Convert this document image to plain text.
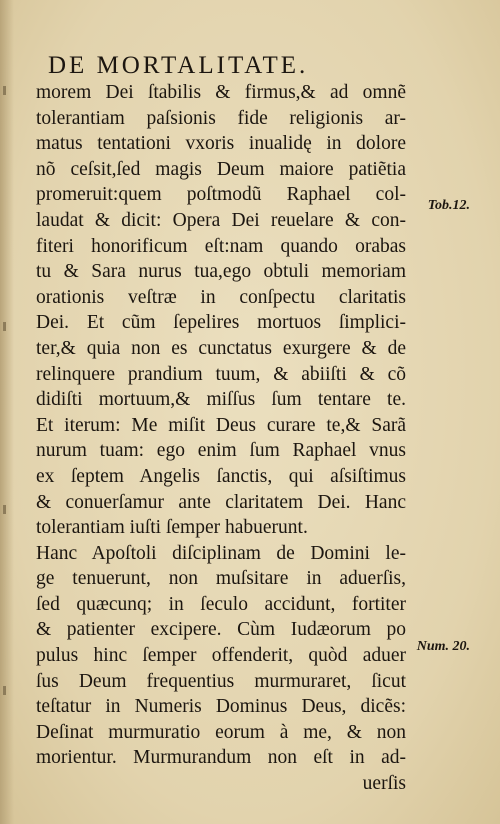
DE MORTALITATE.
morem Dei ſtabilis & firmus,& ad omnẽ
tolerantiam paſsionis fide religionis ar-
matus tentationi vxoris inualidę in dolore
nõ ceſsit,ſed magis Deum maiore patiẽtia
promeruit:quem poſtmodũ Raphael col-
laudat & dicit: Opera Dei reuelare & con-
fiteri honorificum eſt:nam quando orabas
tu & Sara nurus tua,ego obtuli memoriam
orationis veſtræ in conſpectu claritatis
Dei. Et cũm ſepelires mortuos ſimplici-
ter,& quia non es cunctatus exurgere & de
relinquere prandium tuum, & abiiſti & cõ
didiſti mortuum,& miſſus ſum tentare te.
Et iterum: Me miſit Deus curare te,& Sarã
nurum tuam: ego enim ſum Raphael vnus
ex ſeptem Angelis ſanctis, qui aſsiſtimus
& conuerſamur ante claritatem Dei. Hanc
tolerantiam iuſti ſemper habuerunt.
Hanc Apoſtoli diſciplinam de Domini le-
ge tenuerunt, non muſsitare in aduerſis,
ſed quæcunq; in ſeculo accidunt, fortiter
& patienter excipere. Cùm Iudæorum po
pulus hinc ſemper offenderit, quòd aduer
ſus Deum frequentius murmuraret, ſicut
teſtatur in Numeris Dominus Deus, dicẽs:
Deſinat murmuratio eorum à me, & non
morientur. Murmurandum non eſt in ad-
uerſis
Tob.12.
Num. 20.
